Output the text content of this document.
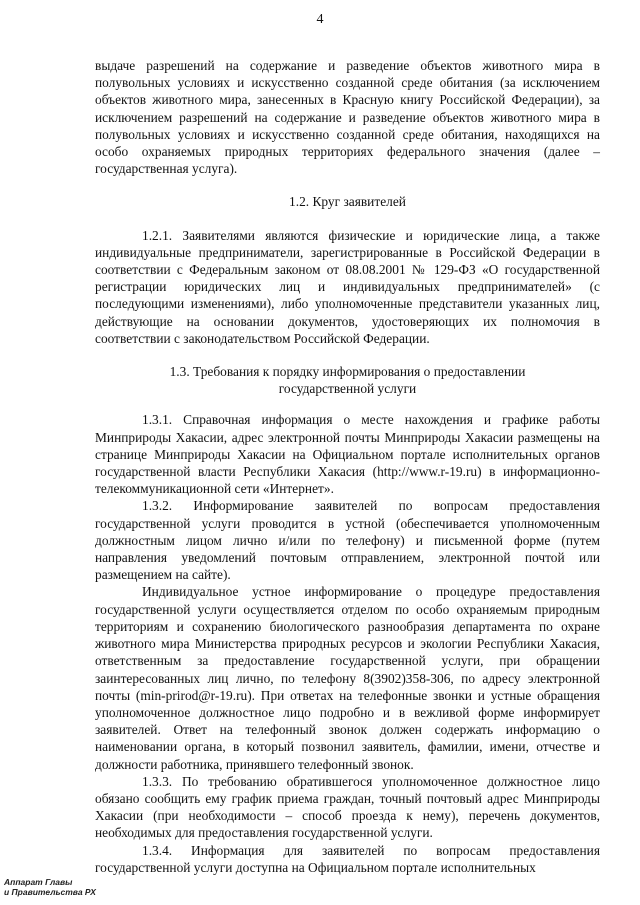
4

выдаче разрешений на содержание и разведение объектов животного мира в полувольных условиях и искусственно созданной среде обитания (за исключением объектов животного мира, занесенных в Красную книгу Российской Федерации), за исключением разрешений на содержание и разведение объектов животного мира в полувольных условиях и искусственно созданной среде обитания, находящихся на особо охраняемых природных территориях федерального значения (далее – государственная услуга).

1.2. Круг заявителей

1.2.1. Заявителями являются физические и юридические лица, а также индивидуальные предприниматели, зарегистрированные в Российской Федерации в соответствии с Федеральным законом от 08.08.2001 № 129-ФЗ «О государственной регистрации юридических лиц и индивидуальных предпринимателей» (с последующими изменениями), либо уполномоченные представители указанных лиц, действующие на основании документов, удостоверяющих их полномочия в соответствии с законодательством Российской Федерации.

1.3. Требования к порядку информирования о предоставлении

государственной услуги

1.3.1. Справочная информация о месте нахождения и графике работы Минприроды Хакасии, адрес электронной почты Минприроды Хакасии размещены на странице Минприроды Хакасии на Официальном портале исполнительных органов государственной власти Республики Хакасия (http://www.r-19.ru) в информационно-телекоммуникационной сети «Интернет».

1.3.2. Информирование заявителей по вопросам предоставления государственной услуги проводится в устной (обеспечивается уполномоченным должностным лицом лично и/или по телефону) и письменной форме (путем направления уведомлений почтовым отправлением, электронной почтой или размещением на сайте).

Индивидуальное устное информирование о процедуре предоставления государственной услуги осуществляется отделом по особо охраняемым природным территориям и сохранению биологического разнообразия департамента по охране животного мира Министерства природных ресурсов и экологии Республики Хакасия, ответственным за предоставление государственной услуги, при обращении заинтересованных лиц лично, по телефону 8(3902)358-306, по адресу электронной почты (min-prirod@r-19.ru). При ответах на телефонные звонки и устные обращения уполномоченное должностное лицо подробно и в вежливой форме информирует заявителей. Ответ на телефонный звонок должен содержать информацию о наименовании органа, в который позвонил заявитель, фамилии, имени, отчестве и должности работника, принявшего телефонный звонок.

1.3.3. По требованию обратившегося уполномоченное должностное лицо обязано сообщить ему график приема граждан, точный почтовый адрес Минприроды Хакасии (при необходимости – способ проезда к нему), перечень документов, необходимых для предоставления государственной услуги.

1.3.4. Информация для заявителей по вопросам предоставления государственной услуги доступна на Официальном портале исполнительных

Аппарат Главы
и Правительства РХ
